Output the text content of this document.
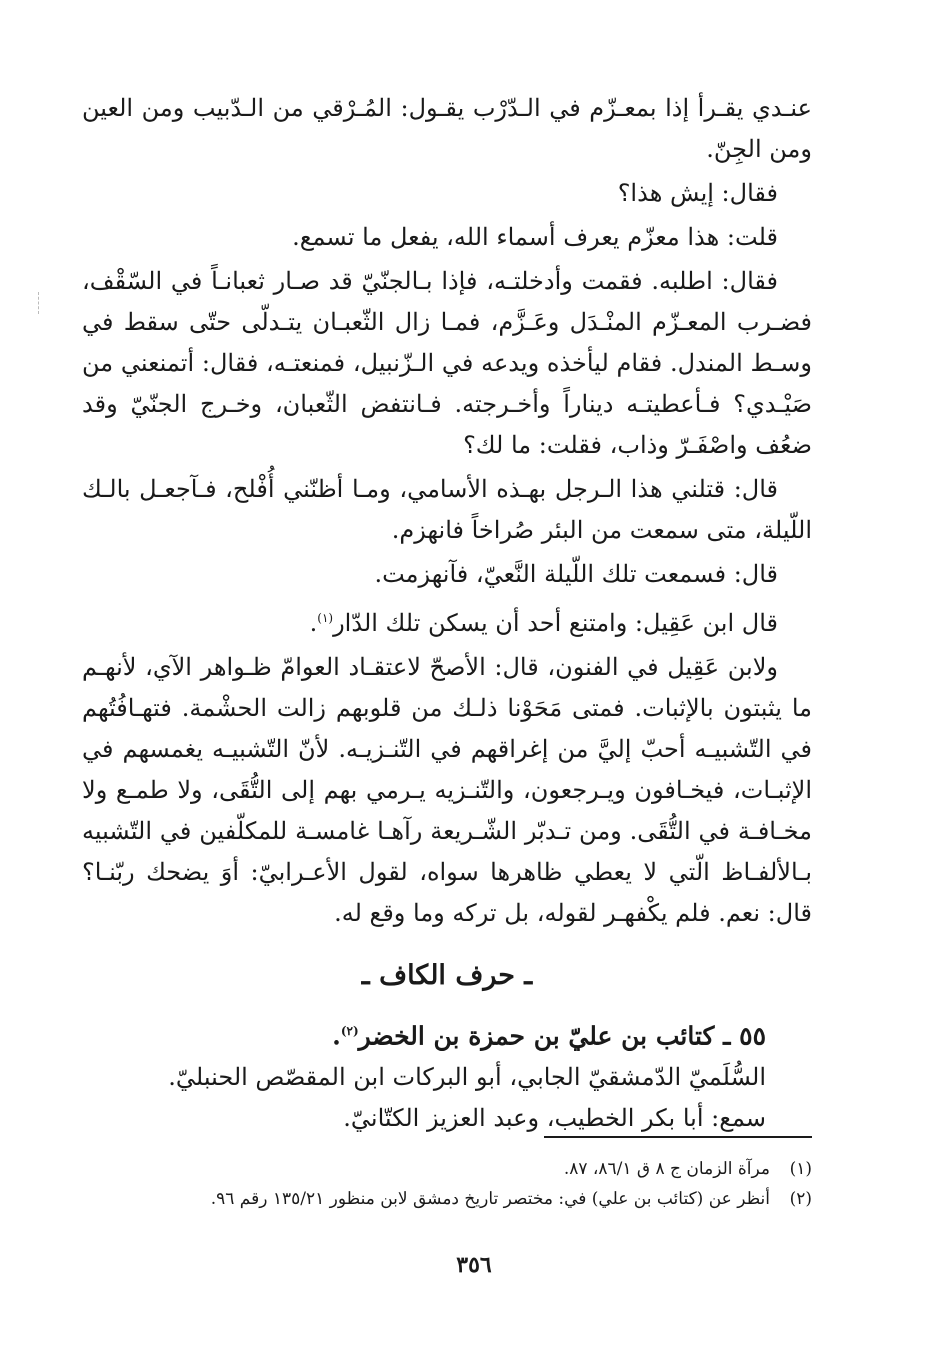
عنـدي يقـرأ إذا بمعـزّم في الـدّرْب يقـول: المُـرْقي من الـدّبيب ومن العين ومن الجِنّ.

فقال: إيش هذا؟

قلت: هذا معزّم يعرف أسماء الله، يفعل ما تسمع.

فقال: اطلبه. فقمت وأدخلتـه، فإذا بـالجنّيّ قد صـار ثعبانـاً في السّقْف، فضـرب المعـزّم المنْـدَل وعَـزَّم، فمـا زال الثّعبـان يتـدلّى حتّى سقط في وسـط المندل. فقام ليأخذه ويدعه في الـزّنبيل، فمنعتـه، فقال: أتمنعني من صَيْـدي؟ فـأعطيتـه ديناراً وأخـرجته. فـانتفض الثّعبان، وخـرج الجنّيّ وقد ضعُف واصْفَـرّ وذاب، فقلت: ما لك؟

قال: قتلني هذا الـرجل بهـذه الأسامي، ومـا أظنّني أُفْلح، فـآجعـل بالـك اللّيلة، متى سمعت من البئر صُراخاً فانهزم.

قال: فسمعت تلك اللّيلة النَّعيّ، فآنهزمت.

قال ابن عَقِيل: وامتنع أحد أن يسكن تلك الدّار$^{(١)}$.

ولابن عَقِيل في الفنون، قال: الأصحّ لاعتقـاد العوامّ ظـواهر الآي، لأنهـم ما يثبتون بالإثبات. فمتى مَحَوْنا ذلـك من قلوبهم زالت الحشْمة. فتهـافُتُهم في التّشبيـه أحبّ إليَّ من إغراقهم في التّنـزيـه. لأنّ التّشبيـه يغمسهم في الإثبـات، فيخـافون ويـرجعون، والتّنـزيه يـرمي بهم إلى التُّقَى، ولا طمـع ولا مخـافـة في التُّقَى. ومن تـدبّر الشّـريعة رآهـا غامسـة للمكلّفين في التّشبيه بـالألفـاظ الّتي لا يعطي ظاهرها سواه، لقول الأعـرابيّ: أوَ يضحك ربّنـا؟ قال: نعم. فلم يكْفهـر لقوله، بل تركه وما وقع له.

ـ حرف الكاف ـ

٥٥ ـ كتائب بن عليّ بن حمزة بن الخضر$^{(٢)}$.

السُّلَميّ الدّمشقيّ الجابي، أبو البركات ابن المقصّص الحنبليّ.

سمع: أبا بكر الخطيب، وعبد العزيز الكتّانيّ.

(١)مرآة الزمان ج ٨ ق ٨٦/١، ٨٧.

(٢)أنظر عن (كتائب بن علي) في: مختصر تاريخ دمشق لابن منظور ١٣٥/٢١ رقم ٩٦.

٣٥٦
